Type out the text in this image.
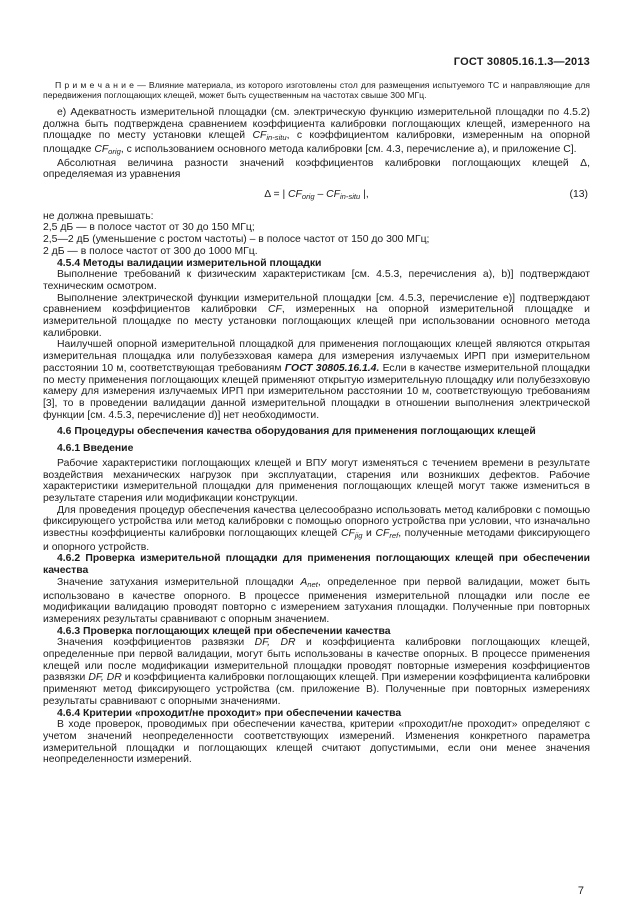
ГОСТ 30805.16.1.3—2013
П р и м е ч а н и е — Влияние материала, из которого изготовлены стол для размещения испытуемого ТС и направляющие для передвижения поглощающих клещей, может быть существенным на частотах свыше 300 МГц.
е) Адекватность измерительной площадки (см. электрическую функцию измерительной площадки по 4.5.2) должна быть подтверждена сравнением коэффициента калибровки поглощающих клещей, измеренного на площадке по месту установки клещей CFin-situ, с коэффициентом калибровки, измеренным на опорной площадке CForig, с использованием основного метода калибровки [см. 4.3, перечисление а), и приложение C].
Абсолютная величина разности значений коэффициентов калибровки поглощающих клещей Δ, определяемая из уравнения
Δ = | CForig – CFin-situ |,	(13)
не должна превышать:
2,5 дБ — в полосе частот от 30 до 150 МГц;
2,5—2 дБ (уменьшение с ростом частоты) – в полосе частот от 150 до 300 МГц;
2 дБ — в полосе частот от 300 до 1000 МГц.
4.5.4 Методы валидации измерительной площадки
Выполнение требований к физическим характеристикам [см. 4.5.3, перечисления а), b)] подтверждают техническим осмотром.
Выполнение электрической функции измерительной площадки [см. 4.5.3, перечисление е)] подтверждают сравнением коэффициентов калибровки CF, измеренных на опорной измерительной площадке и измерительной площадке по месту установки поглощающих клещей при использовании основного метода калибровки.
Наилучшей опорной измерительной площадкой для применения поглощающих клещей являются открытая измерительная площадка или полубезэховая камера для измерения излучаемых ИРП при измерительном расстоянии 10 м, соответствующая требованиям ГОСТ 30805.16.1.4. Если в качестве измерительной площадки по месту применения поглощающих клещей применяют открытую измерительную площадку или полубезэховую камеру для измерения излучаемых ИРП при измерительном расстоянии 10 м, соответствующую требованиям [3], то в проведении валидации данной измерительной площадки в отношении выполнения электрической функции [см. 4.5.3, перечисление d)] нет необходимости.
4.6 Процедуры обеспечения качества оборудования для применения поглощающих клещей
4.6.1 Введение
Рабочие характеристики поглощающих клещей и ВПУ могут изменяться с течением времени в результате воздействия механических нагрузок при эксплуатации, старения или возникших дефектов. Рабочие характеристики измерительной площадки для применения поглощающих клещей могут также измениться в результате старения или модификации конструкции.
Для проведения процедур обеспечения качества целесообразно использовать метод калибровки с помощью фиксирующего устройства или метод калибровки с помощью опорного устройства при условии, что изначально известны коэффициенты калибровки поглощающих клещей CFjig и CFref, полученные методами фиксирующего и опорного устройств.
4.6.2 Проверка измерительной площадки для применения поглощающих клещей при обеспечении качества
Значение затухания измерительной площадки Anet, определенное при первой валидации, может быть использовано в качестве опорного. В процессе применения измерительной площадки или после ее модификации валидацию проводят повторно с измерением затухания площадки. Полученные при повторных измерениях результаты сравнивают с опорным значением.
4.6.3 Проверка поглощающих клещей при обеспечении качества
Значения коэффициентов развязки DF, DR и коэффициента калибровки поглощающих клещей, определенные при первой валидации, могут быть использованы в качестве опорных. В процессе применения клещей или после модификации измерительной площадки проводят повторные измерения коэффициентов развязки DF, DR и коэффициента калибровки поглощающих клещей. При измерении коэффициента калибровки применяют метод фиксирующего устройства (см. приложение B). Полученные при повторных измерениях результаты сравнивают с опорными значениями.
4.6.4 Критерии «проходит/не проходит» при обеспечении качества
В ходе проверок, проводимых при обеспечении качества, критерии «проходит/не проходит» определяют с учетом значений неопределенности соответствующих измерений. Изменения конкретного параметра измерительной площадки и поглощающих клещей считают допустимыми, если они менее значения неопределенности измерений.
7
